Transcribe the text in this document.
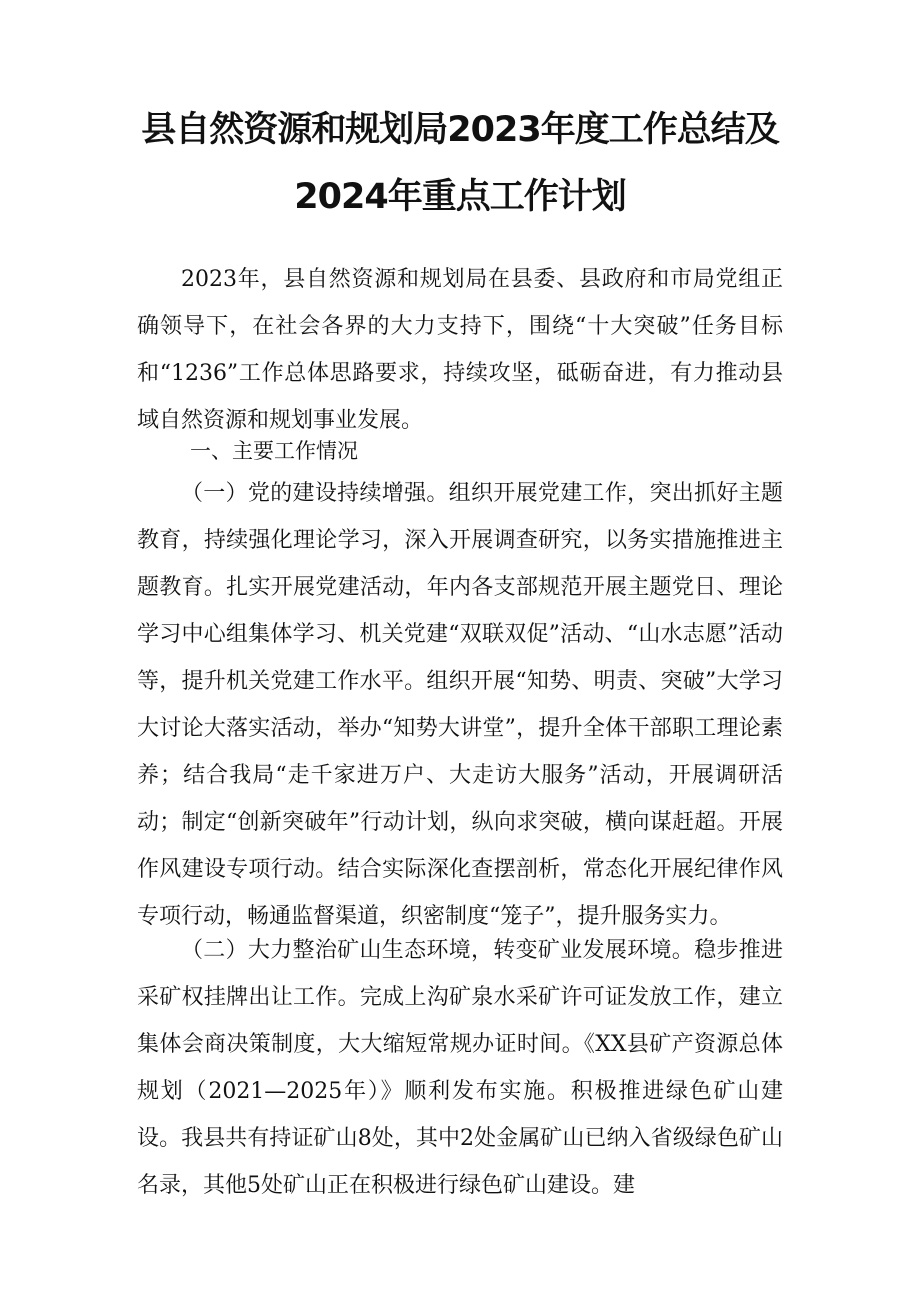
县自然资源和规划局2023年度工作总结及
2024年重点工作计划

2023年，县自然资源和规划局在县委、县政府和市局党组正确领导下，在社会各界的大力支持下，围绕“十大突破”任务目标和“1236”工作总体思路要求，持续攻坚，砥砺奋进，有力推动县域自然资源和规划事业发展。

一、主要工作情况

（一）党的建设持续增强。组织开展党建工作，突出抓好主题教育，持续强化理论学习，深入开展调查研究，以务实措施推进主题教育。扎实开展党建活动，年内各支部规范开展主题党日、理论学习中心组集体学习、机关党建“双联双促”活动、“山水志愿”活动等，提升机关党建工作水平。组织开展“知势、明责、突破”大学习大讨论大落实活动，举办“知势大讲堂”，提升全体干部职工理论素养；结合我局“走千家进万户、大走访大服务”活动，开展调研活动；制定“创新突破年”行动计划，纵向求突破，横向谋赶超。开展作风建设专项行动。结合实际深化查摆剖析，常态化开展纪律作风专项行动，畅通监督渠道，织密制度“笼子”，提升服务实力。

（二）大力整治矿山生态环境，转变矿业发展环境。稳步推进采矿权挂牌出让工作。完成上沟矿泉水采矿许可证发放工作，建立集体会商决策制度，大大缩短常规办证时间。《XX县矿产资源总体规划（2021—2025年）》顺利发布实施。积极推进绿色矿山建设。我县共有持证矿山8处，其中2处金属矿山已纳入省级绿色矿山名录，其他5处矿山正在积极进行绿色矿山建设。建
